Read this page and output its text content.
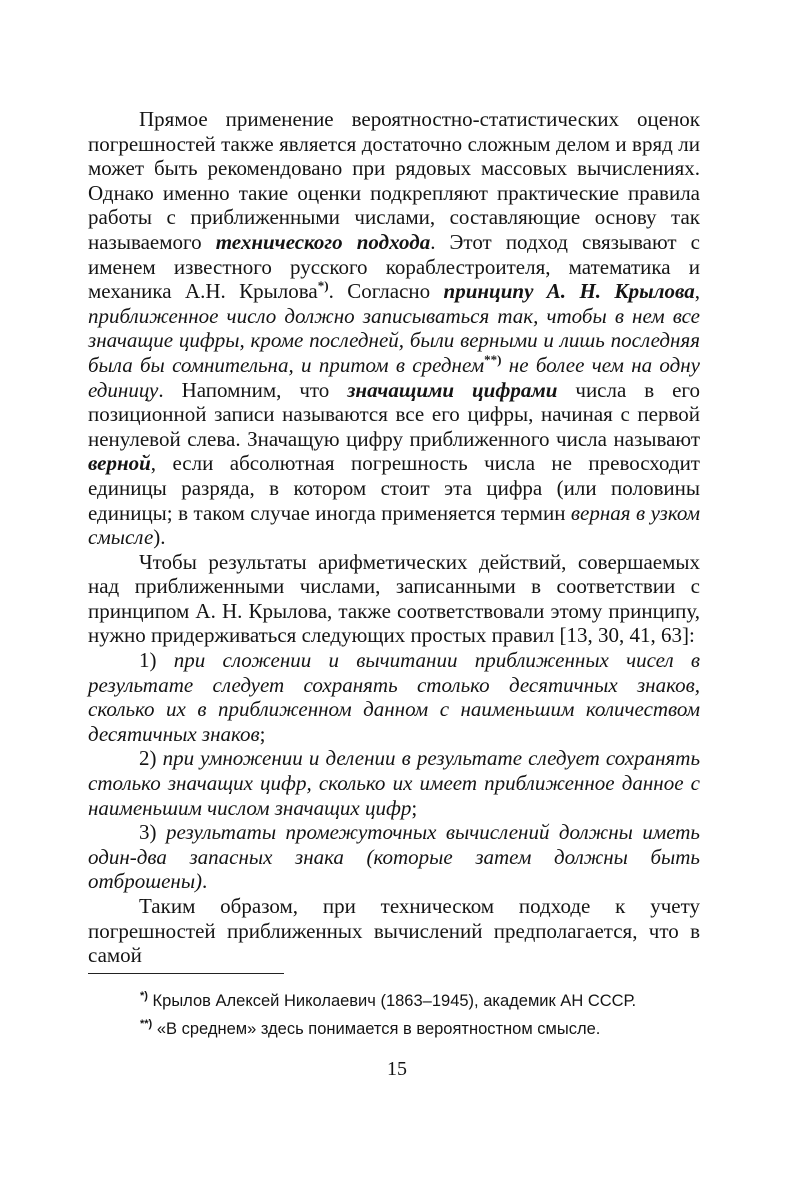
Прямое применение вероятностно-статистических оценок погрешностей также является достаточно сложным делом и вряд ли может быть рекомендовано при рядовых массовых вычислениях. Однако именно такие оценки подкрепляют практические правила работы с приближенными числами, составляющие основу так называемого технического подхода. Этот подход связывают с именем известного русского кораблестроителя, математика и механика А.Н. Крылова*). Согласно принципу А. Н. Крылова, приближенное число должно записываться так, чтобы в нем все значащие цифры, кроме последней, были верными и лишь последняя была бы сомнительна, и притом в среднем**) не более чем на одну единицу. Напомним, что значащими цифрами числа в его позиционной записи называются все его цифры, начиная с первой ненулевой слева. Значащую цифру приближенного числа называют верной, если абсолютная погрешность числа не превосходит единицы разряда, в котором стоит эта цифра (или половины единицы; в таком случае иногда применяется термин верная в узком смысле).

Чтобы результаты арифметических действий, совершаемых над приближенными числами, записанными в соответствии с принципом А. Н. Крылова, также соответствовали этому принципу, нужно придерживаться следующих простых правил [13, 30, 41, 63]:

1) при сложении и вычитании приближенных чисел в результате следует сохранять столько десятичных знаков, сколько их в приближенном данном с наименьшим количеством десятичных знаков;

2) при умножении и делении в результате следует сохранять столько значащих цифр, сколько их имеет приближенное данное с наименьшим числом значащих цифр;

3) результаты промежуточных вычислений должны иметь один-два запасных знака (которые затем должны быть отброшены).

Таким образом, при техническом подходе к учету погрешностей приближенных вычислений предполагается, что в самой

*) Крылов Алексей Николаевич (1863–1945), академик АН СССР.
**) «В среднем» здесь понимается в вероятностном смысле.
15
